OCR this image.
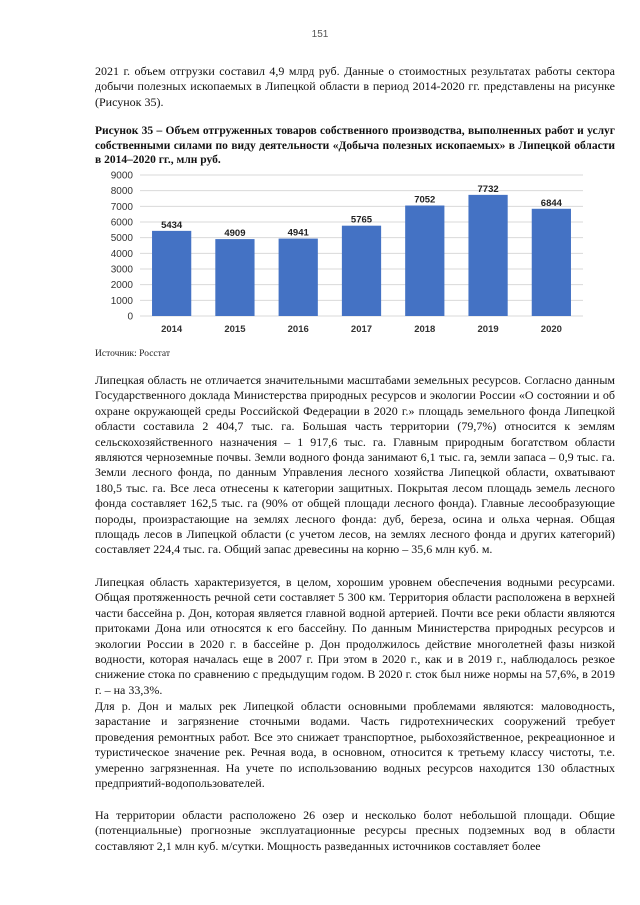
151

2021 г. объем отгрузки составил 4,9 млрд руб. Данные о стоимостных результатах работы сектора добычи полезных ископаемых в Липецкой области в период 2014-2020 гг. представлены на рисунке (Рисунок 35).

Рисунок 35 – Объем отгруженных товаров собственного производства, выполненных работ и услуг собственными силами по виду деятельности «Добыча полезных ископаемых» в Липецкой области в 2014–2020 гг., млн руб.

0
1000
2000
3000
4000
5000
6000
7000
8000
9000
5434
2014
4909
2015
4941
2016
5765
2017
7052
2018
7732
2019
6844
2020
Источник: Росстат

Липецкая область не отличается значительными масштабами земельных ресурсов. Согласно данным Государственного доклада Министерства природных ресурсов и экологии России «О состоянии и об охране окружающей среды Российской Федерации в 2020 г.» площадь земельного фонда Липецкой области составила 2 404,7 тыс. га. Большая часть территории (79,7%) относится к землям сельскохозяйственного назначения – 1 917,6 тыс. га. Главным природным богатством области являются черноземные почвы. Земли водного фонда занимают 6,1 тыс. га, земли запаса – 0,9 тыс. га. Земли лесного фонда, по данным Управления лесного хозяйства Липецкой области, охватывают 180,5 тыс. га. Все леса отнесены к категории защитных. Покрытая лесом площадь земель лесного фонда составляет 162,5 тыс. га (90% от общей площади лесного фонда). Главные лесообразующие породы, произрастающие на землях лесного фонда: дуб, береза, осина и ольха черная. Общая площадь лесов в Липецкой области (с учетом лесов, на землях лесного фонда и других категорий) составляет 224,4 тыс. га. Общий запас древесины на корню – 35,6 млн куб. м.

Липецкая область характеризуется, в целом, хорошим уровнем обеспечения водными ресурсами. Общая протяженность речной сети составляет 5 300 км. Территория области расположена в верхней части бассейна р. Дон, которая является главной водной артерией. Почти все реки области являются притоками Дона или относятся к его бассейну. По данным Министерства природных ресурсов и экологии России в 2020 г. в бассейне р. Дон продолжилось действие многолетней фазы низкой водности, которая началась еще в 2007 г. При этом в 2020 г., как и в 2019 г., наблюдалось резкое снижение стока по сравнению с предыдущим годом. В 2020 г. сток был ниже нормы на 57,6%, в 2019 г. – на 33,3%.

Для р. Дон и малых рек Липецкой области основными проблемами являются: маловодность, зарастание и загрязнение сточными водами. Часть гидротехнических сооружений требует проведения ремонтных работ. Все это снижает транспортное, рыбохозяйственное, рекреационное и туристическое значение рек. Речная вода, в основном, относится к третьему классу чистоты, т.е. умеренно загрязненная. На учете по использованию водных ресурсов находится 130 областных предприятий-водопользователей.

На территории области расположено 26 озер и несколько болот небольшой площади. Общие (потенциальные) прогнозные эксплуатационные ресурсы пресных подземных вод в области составляют 2,1 млн куб. м/сутки. Мощность разведанных источников составляет более
